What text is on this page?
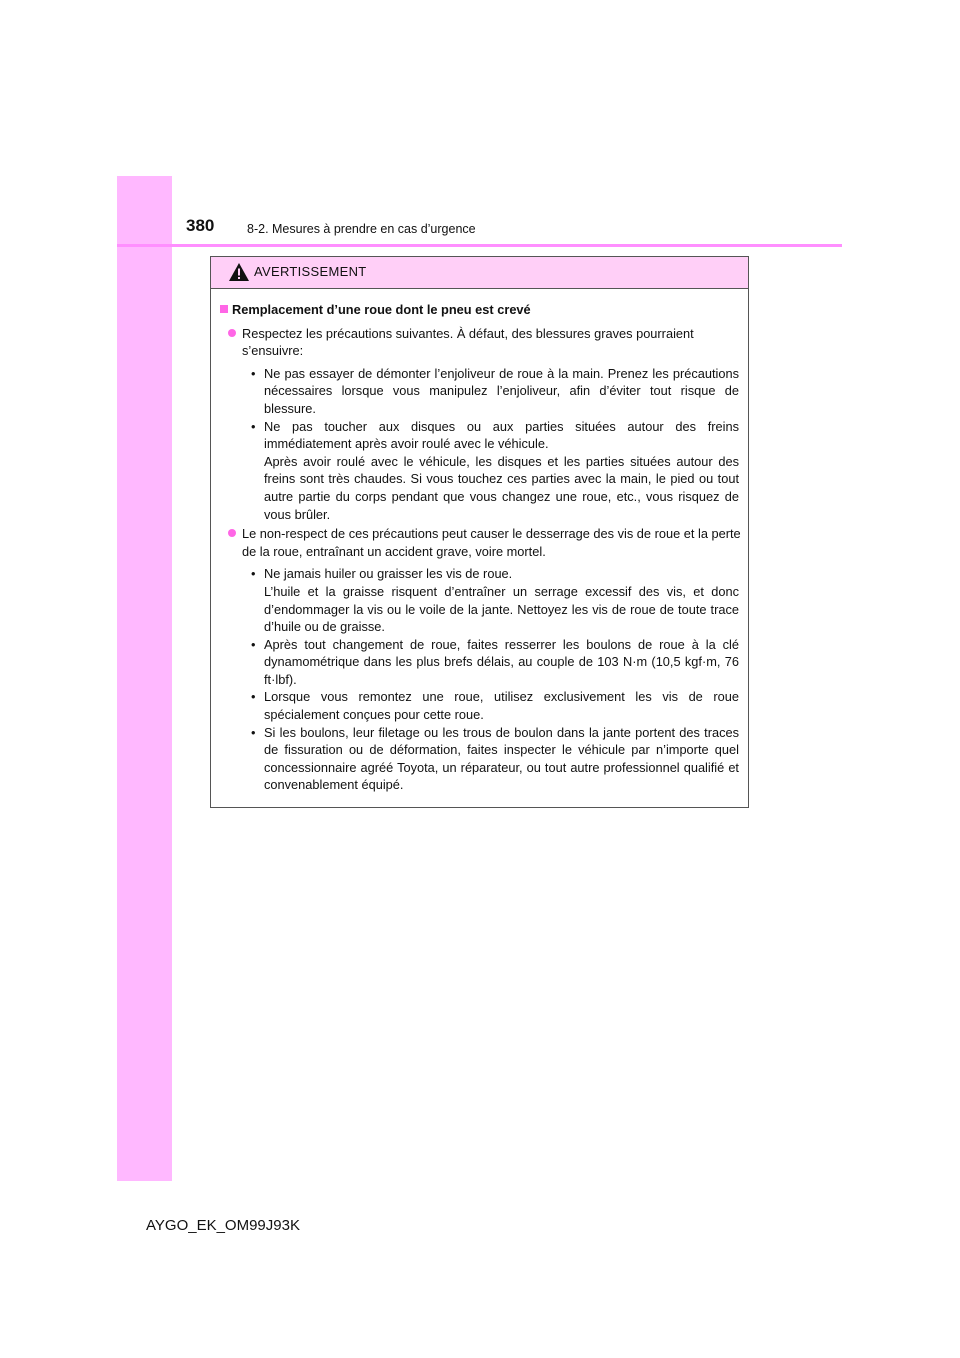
380	8-2. Mesures à prendre en cas d’urgence
AVERTISSEMENT
Remplacement d’une roue dont le pneu est crevé
Respectez les précautions suivantes. À défaut, des blessures graves pourraient s’ensuivre:
• Ne pas essayer de démonter l’enjoliveur de roue à la main. Prenez les précautions nécessaires lorsque vous manipulez l’enjoliveur, afin d’éviter tout risque de blessure.
• Ne pas toucher aux disques ou aux parties situées autour des freins immédiatement après avoir roulé avec le véhicule.
Après avoir roulé avec le véhicule, les disques et les parties situées autour des freins sont très chaudes. Si vous touchez ces parties avec la main, le pied ou tout autre partie du corps pendant que vous changez une roue, etc., vous risquez de vous brûler.
Le non-respect de ces précautions peut causer le desserrage des vis de roue et la perte de la roue, entraînant un accident grave, voire mortel.
• Ne jamais huiler ou graisser les vis de roue.
L’huile et la graisse risquent d’entraîner un serrage excessif des vis, et donc d’endommager la vis ou le voile de la jante. Nettoyez les vis de roue de toute trace d’huile ou de graisse.
• Après tout changement de roue, faites resserrer les boulons de roue à la clé dynamométrique dans les plus brefs délais, au couple de 103 N·m (10,5 kgf·m, 76 ft·lbf).
• Lorsque vous remontez une roue, utilisez exclusivement les vis de roue spécialement conçues pour cette roue.
• Si les boulons, leur filetage ou les trous de boulon dans la jante portent des traces de fissuration ou de déformation, faites inspecter le véhicule par n’importe quel concessionnaire agréé Toyota, un réparateur, ou tout autre professionnel qualifié et convenablement équipé.
AYGO_EK_OM99J93K
